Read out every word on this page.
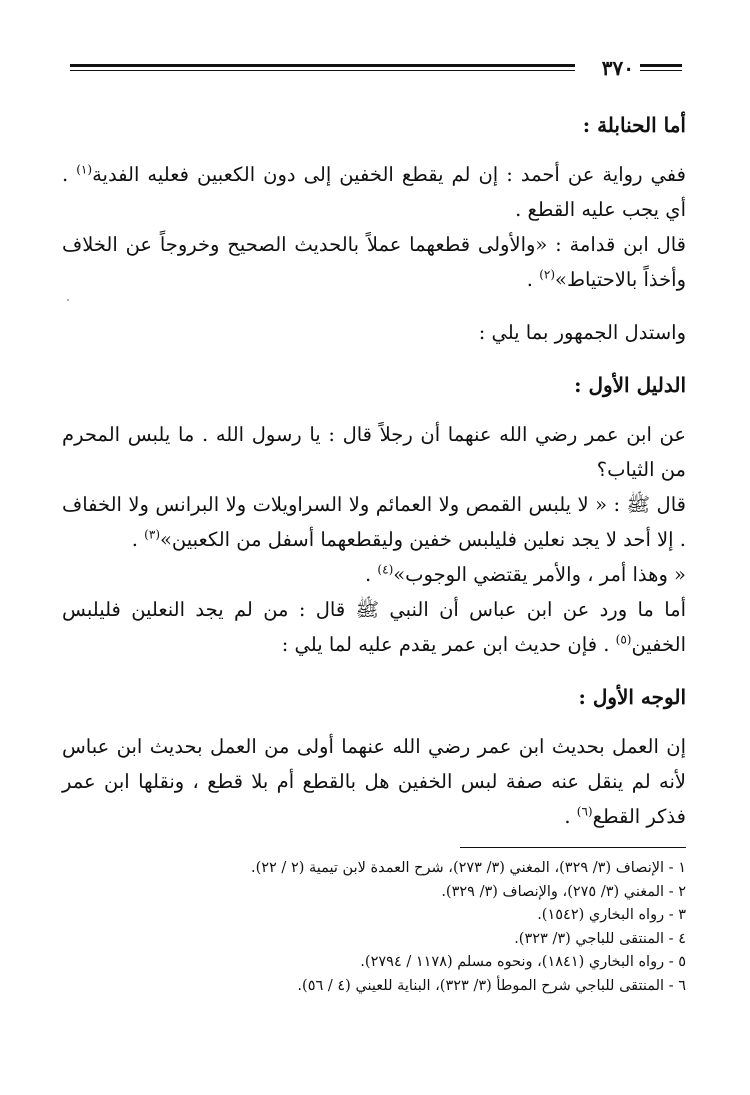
٣٧٠

أما الحنابلة :

ففي رواية عن أحمد : إن لم يقطع الخفين إلى دون الكعبين فعليه الفدية$^{(١)}$ . أي يجب عليه القطع .

قال ابن قدامة : «والأولى قطعهما عملاً بالحديث الصحيح وخروجاً عن الخلاف وأخذاً بالاحتياط»$^{(٢)}$ .

واستدل الجمهور بما يلي :

الدليل الأول :

عن ابن عمر رضي الله عنهما أن رجلاً قال : يا رسول الله . ما يلبس المحرم من الثياب؟

قال ﷺ : « لا يلبس القمص ولا العمائم ولا السراويلات ولا البرانس ولا الخفاف . إلا أحد لا يجد نعلين فليلبس خفين وليقطعهما أسفل من الكعبين»$^{(٣)}$ .

« وهذا أمر ، والأمر يقتضي الوجوب»$^{(٤)}$ .

أما ما ورد عن ابن عباس أن النبي ﷺ قال : من لم يجد النعلين فليلبس الخفين$^{(٥)}$ . فإن حديث ابن عمر يقدم عليه لما يلي :

الوجه الأول :

إن العمل بحديث ابن عمر رضي الله عنهما أولى من العمل بحديث ابن عباس لأنه لم ينقل عنه صفة لبس الخفين هل بالقطع أم بلا قطع ، ونقلها ابن عمر فذكر القطع$^{(٦)}$ .

١ - الإنصاف (٣/ ٣٢٩)، المغني (٣/ ٢٧٣)، شرح العمدة لابن تيمية (٢ / ٢٢).
٢ - المغني (٣/ ٢٧٥)، والإنصاف (٣/ ٣٢٩).
٣ - رواه البخاري (١٥٤٢).
٤ - المنتقى للباجي (٣/ ٣٢٣).
٥ - رواه البخاري (١٨٤١)، ونحوه مسلم (١١٧٨ / ٢٧٩٤).
٦ - المنتقى للباجي شرح الموطأ (٣/ ٣٢٣)، البناية للعيني (٤ / ٥٦).
